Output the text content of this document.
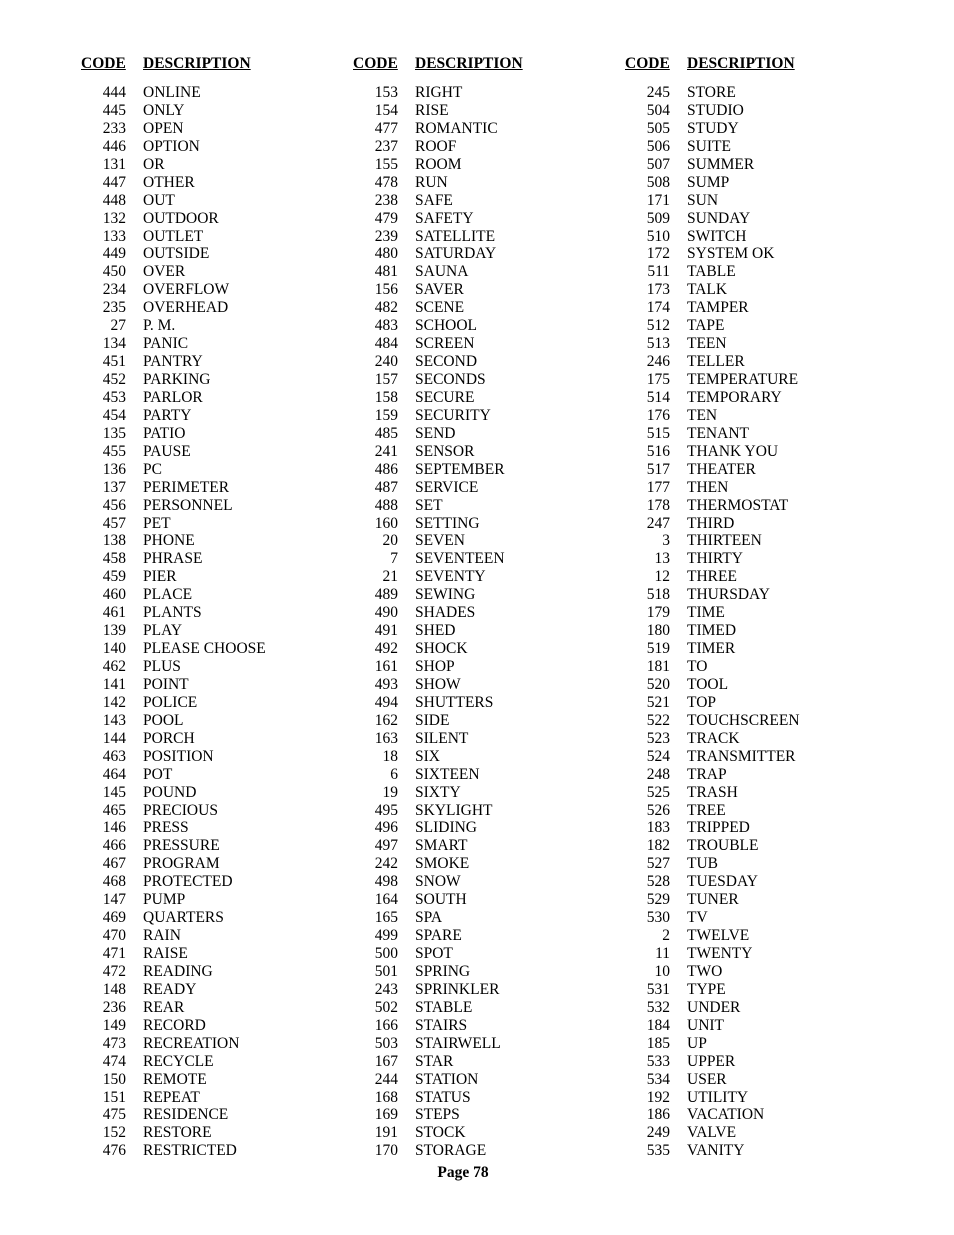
CODE DESCRIPTION
444 ONLINE
445 ONLY
233 OPEN
446 OPTION
131 OR
447 OTHER
448 OUT
132 OUTDOOR
133 OUTLET
449 OUTSIDE
450 OVER
234 OVERFLOW
235 OVERHEAD
27 P. M.
134 PANIC
451 PANTRY
452 PARKING
453 PARLOR
454 PARTY
135 PATIO
455 PAUSE
136 PC
137 PERIMETER
456 PERSONNEL
457 PET
138 PHONE
458 PHRASE
459 PIER
460 PLACE
461 PLANTS
139 PLAY
140 PLEASE CHOOSE
462 PLUS
141 POINT
142 POLICE
143 POOL
144 PORCH
463 POSITION
464 POT
145 POUND
465 PRECIOUS
146 PRESS
466 PRESSURE
467 PROGRAM
468 PROTECTED
147 PUMP
469 QUARTERS
470 RAIN
471 RAISE
472 READING
148 READY
236 REAR
149 RECORD
473 RECREATION
474 RECYCLE
150 REMOTE
151 REPEAT
475 RESIDENCE
152 RESTORE
476 RESTRICTED
CODE DESCRIPTION
153 RIGHT
154 RISE
477 ROMANTIC
237 ROOF
155 ROOM
478 RUN
238 SAFE
479 SAFETY
239 SATELLITE
480 SATURDAY
481 SAUNA
156 SAVER
482 SCENE
483 SCHOOL
484 SCREEN
240 SECOND
157 SECONDS
158 SECURE
159 SECURITY
485 SEND
241 SENSOR
486 SEPTEMBER
487 SERVICE
488 SET
160 SETTING
20 SEVEN
7 SEVENTEEN
21 SEVENTY
489 SEWING
490 SHADES
491 SHED
492 SHOCK
161 SHOP
493 SHOW
494 SHUTTERS
162 SIDE
163 SILENT
18 SIX
6 SIXTEEN
19 SIXTY
495 SKYLIGHT
496 SLIDING
497 SMART
242 SMOKE
498 SNOW
164 SOUTH
165 SPA
499 SPARE
500 SPOT
501 SPRING
243 SPRINKLER
502 STABLE
166 STAIRS
503 STAIRWELL
167 STAR
244 STATION
168 STATUS
169 STEPS
191 STOCK
170 STORAGE
CODE DESCRIPTION
245 STORE
504 STUDIO
505 STUDY
506 SUITE
507 SUMMER
508 SUMP
171 SUN
509 SUNDAY
510 SWITCH
172 SYSTEM OK
511 TABLE
173 TALK
174 TAMPER
512 TAPE
513 TEEN
246 TELLER
175 TEMPERATURE
514 TEMPORARY
176 TEN
515 TENANT
516 THANK YOU
517 THEATER
177 THEN
178 THERMOSTAT
247 THIRD
3 THIRTEEN
13 THIRTY
12 THREE
518 THURSDAY
179 TIME
180 TIMED
519 TIMER
181 TO
520 TOOL
521 TOP
522 TOUCHSCREEN
523 TRACK
524 TRANSMITTER
248 TRAP
525 TRASH
526 TREE
183 TRIPPED
182 TROUBLE
527 TUB
528 TUESDAY
529 TUNER
530 TV
2 TWELVE
11 TWENTY
10 TWO
531 TYPE
532 UNDER
184 UNIT
185 UP
533 UPPER
534 USER
192 UTILITY
186 VACATION
249 VALVE
535 VANITY
Page 78
